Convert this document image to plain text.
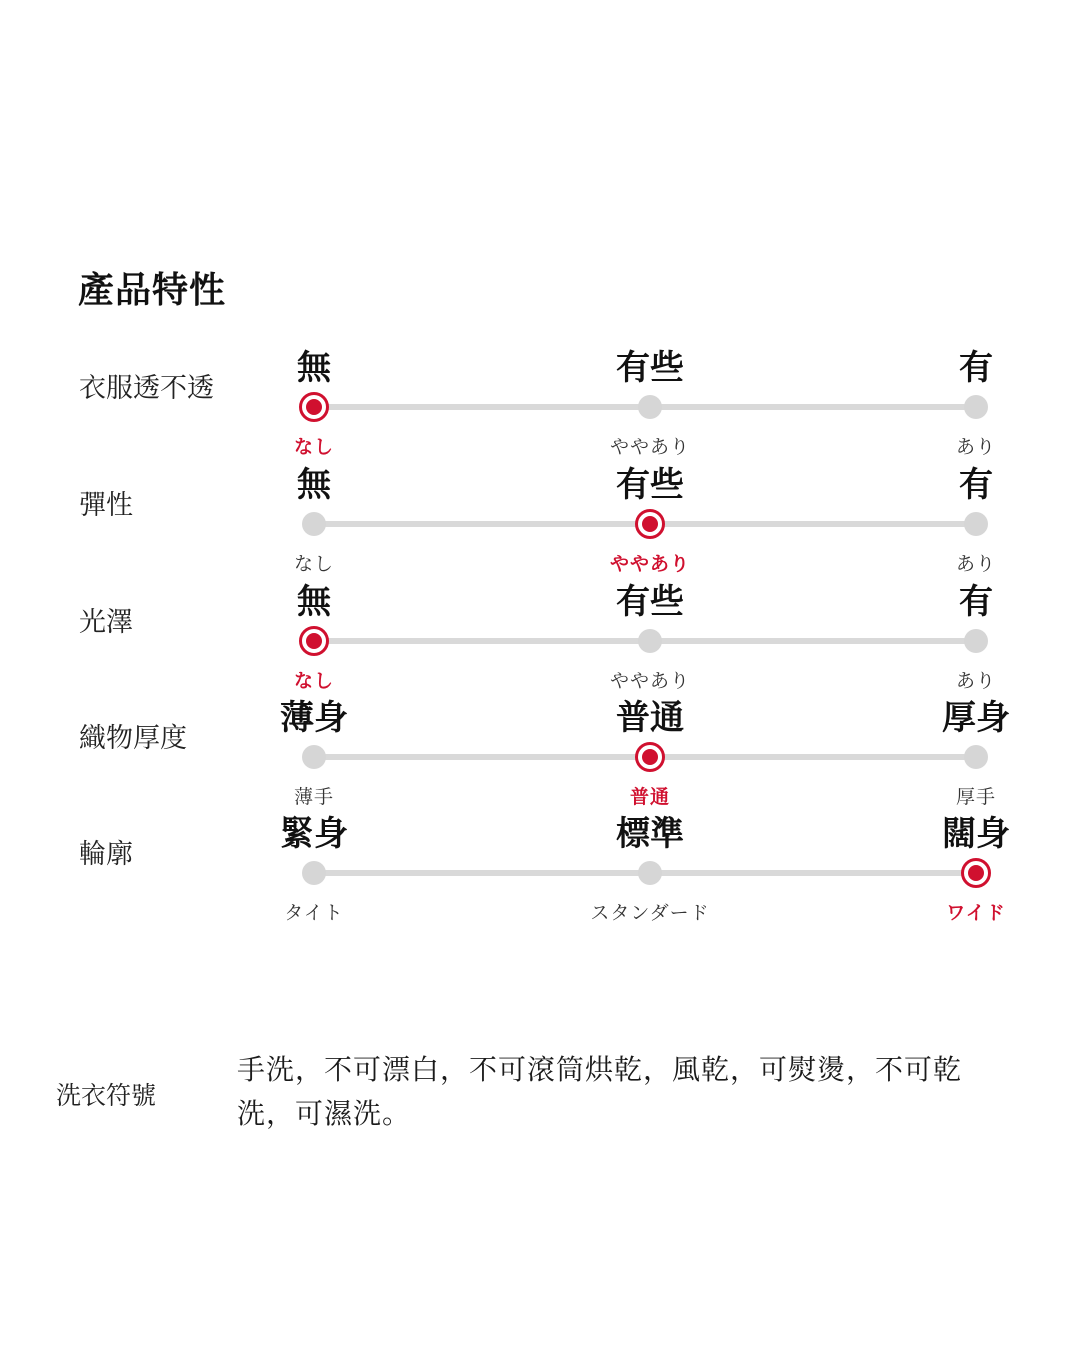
產品特性
衣服透不透
無
なし
有些
ややあり
有
あり
彈性
無
なし
有些
ややあり
有
あり
光澤
無
なし
有些
ややあり
有
あり
織物厚度
薄身
薄手
普通
普通
厚身
厚手
輪廓
緊身
タイト
標準
スタンダード
闊身
ワイド
洗衣符號
手洗，不可漂白，不可滾筒烘乾，風乾，可熨燙，不可乾洗，可濕洗。
